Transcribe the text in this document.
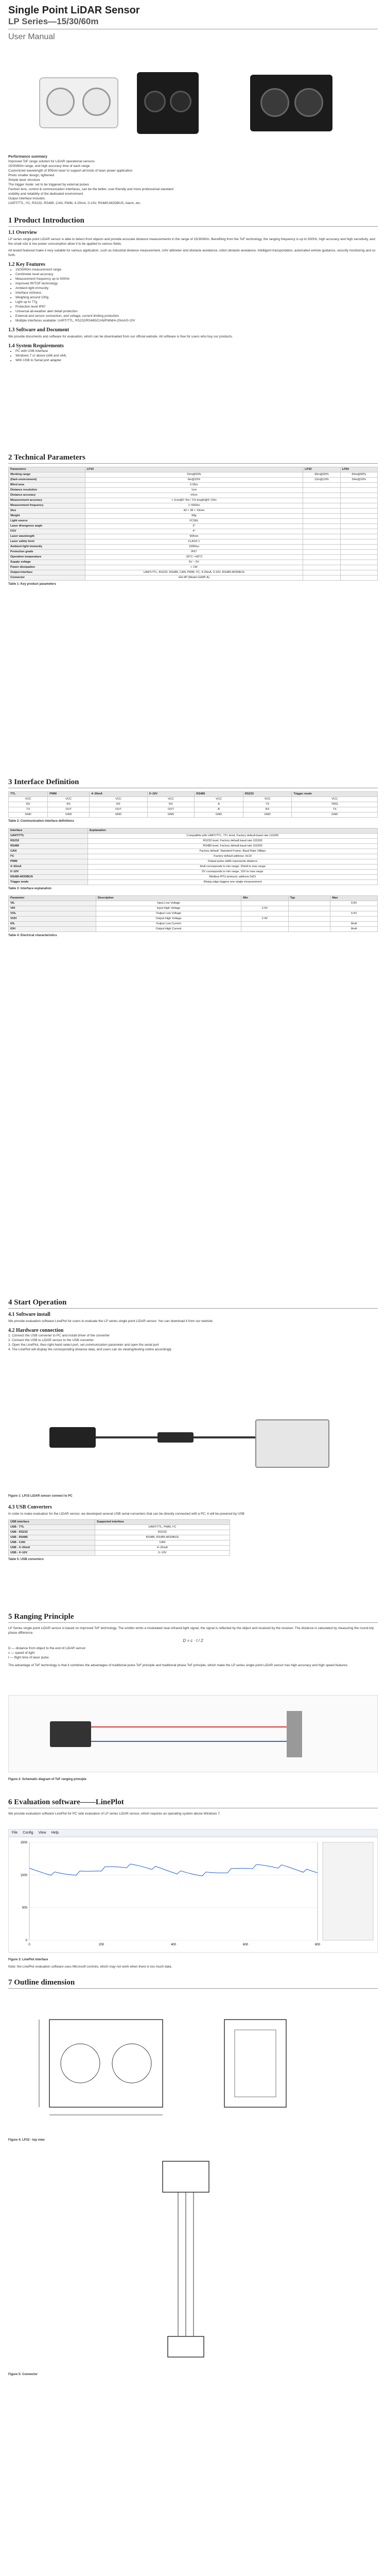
Single Point LiDAR Sensor
LP Series—15/30/60m

User Manual

Performance summary

Improved ToF range solution for LiDAR operational sensors

15/30/60m range, and high accuracy time of each range

Customized wavelength of 905nm laser to support all kinds of laser power application

Photo smaller design, lightened

Simple laser structure

The trigger mode: set to be triggered by external pulses

Fashion lens, control & communication interfaces, can be the better, user-friendly and more professional standard

visibility and reliability of the dedicated environment

Output interface includes:

UART/TTL, I²C, RS232, RS485, CAN, PWM, 4-20mA, 0-10V, RS485-MODBUS, Alarm, etc.

1 Product Introduction
1.1 Overview

LP series single point LiDAR sensor is able to detect front objects and provide accurate distance measurements in the range of 15/30/60m. Benefiting from the ToF technology, the ranging frequency is up to 500Hz, high accuracy and high sensitivity, and the small size & low power consumption allow it to be applied to various fields.

All tested featured make it very suitable for various application, such as industrial distance measurement, UAV altimeter and obstacle avoidance, robot obstacle avoidance, intelligent transportation, automated vehicle guidance, security monitoring and so forth.

1.2 Key Features
• 15/30/60m measurement range
• Centimeter level accuracy
• Measurement frequency up to 500Hz
• Improved IR/TOF technology
• Ambient light immunity
• Interface richness
• Weighing around 100g
• Light up to 77g
• Protection level IP67
• Universal all-weather alert detail protection
• External and sensor connection, and voltage, current limiting protection
• Multiple interfaces available: UART/TTL, RS232/RS485/CAN/PWM/4-20mA/0-10V
1.3 Software and Document

We provide documents and software for evaluation, which can be downloaded from our official website. All software is free for users who buy our products.

1.4 System Requirements
• PC with USB interface
• Windows 7 or above (x86 and x64)
• With USB to Serial port adapter
2 Technical Parameters
Parameters	LP15	LP30	LP60
Working range	15m@90%	30m@90%	60m@90%
(Dark environment)	6m@10%	12m@10%	24m@10%
Blind area	0.05m		
Distance resolution	1cm		
Distance accuracy	±4cm		
Measurement accuracy	< 2cm@0~5m / 1% length@5~15m		
Measurement frequency	1~500Hz		
Size	49 × 38 × 19mm		
Weight	68g		
Light source	VCSEL		
Laser divergence angle	2°		
FOV	4°		
Laser wavelength	905nm		
Laser safety level	CLASS 1		
Ambient light immunity	100Klux		
Protection grade	IP67		
Operation temperature	-20°C~+60°C		
Supply voltage	5V ~ 5V		
Power dissipation	< 1W		
Output interface	UART/TTL, RS232, RS485, CAN, PWM, I²C, 4-20mA, 0-10V, RS485-MODBUS		
Connector	GH-9P (Model GH9P-A)		

Table 1: Key product parameters

3 Interface Definition
TTL	PWM	4~20mA	0~10V	RS485	RS232	Trigger mode
VCC	VCC	VCC	VCC	VCC	VCC	VCC
RX	RX	RX	RX	A	TX	TRIG
TX	OUT	OUT	OUT	B	RX	TX
GND	GND	GND	GND	GND	GND	GND

Table 2: Communication interface definitions

Interface	Explanation
UART/TTL	Compatible with UART/TTL, TTL level, Factory default baud rate 115200
RS232	RS232 level, Factory default baud rate 115200
RS485	RS485 level, Factory default baud rate 115200
CAN	Factory default: Standard Frame, Baud Rate 1Mbps
I²C	Factory default address: 0x10
PWM	Output pulse width represents distance
4~20mA	4mA corresponds to min range, 20mA to max range
0~10V	0V corresponds to min range, 10V to max range
RS485-MODBUS	Modbus RTU protocol, address 0x01
Trigger mode	Rising edge triggers one single measurement

Table 3: Interface explanation

Parameter	Description	Min	Typ	Max
VIL	Input Low Voltage			0.8V
VIH	Input High Voltage	2.0V		
VOL	Output Low Voltage			0.4V
VOH	Output High Voltage	2.4V		
IOL	Output Low Current			8mA
IOH	Output High Current			8mA

Table 4: Electrical characteristics

4 Start Operation
4.1 Software install

We provide evaluation software LinePlot for users to evaluate the LP series single point LiDAR sensor. You can download it from our website.

4.2 Hardware connection

1. Connect the USB converter to PC and install driver of the converter

2. Connect the USB to LiDAR sensor to the USB converter

3. Open the LinePlot, then right-hand select port, set communication parameter and open the serial port

4. The LinePlot will display the corresponding distance data, and users can do viewing/testing online accordingly

Figure 1: LP15 LiDAR sensor connect to PC

4.3 USB Converters

In order to make evaluation for the LiDAR sensor, we developed several USB serial converters that can be directly connected with a PC; it will be powered by USB

USB interface	Supported interface
USB - TTL	UART/TTL, PWM, I²C
USB - RS232	RS232
USB - RS485	RS485, RS485-MODBUS
USB - CAN	CAN
USB - 4~20mA	4~20mA
USB - 0~10V	0~10V

Table 5: USB converters

5 Ranging Principle

LP Series single point LiDAR sensor is based on improved ToF technology. The emitter emits a modulated near-infrared light signal, the signal is reflected by the object and received by the receiver. The distance is calculated by measuring the round-trip phase difference.

D = c · t / 2

D — distance from object to the end of LiDAR sensor

c — speed of light

t — flight time of laser pulse

The advantage of ToF technology is that it combines the advantages of traditional pulse ToF principle and traditional phase ToF principle, which make the LP series single point LiDAR sensor has high accuracy and high speed features.

Figure 2: Schematic diagram of ToF ranging principle

6 Evaluation software——LinePlot

We provide evaluation software LinePlot for PC side evaluation of LP series LiDAR sensor, which requires an operating system above Windows 7.

File Config View Help
1500
1000
500
0
0	200	400	600	800

Figure 3: LinePlot interface

Note: the LinePlot evaluation software uses Microsoft controls, which may not work when there is too much data.

7 Outline dimension

Figure 4: LP15 - top view

Figure 5: Connector
